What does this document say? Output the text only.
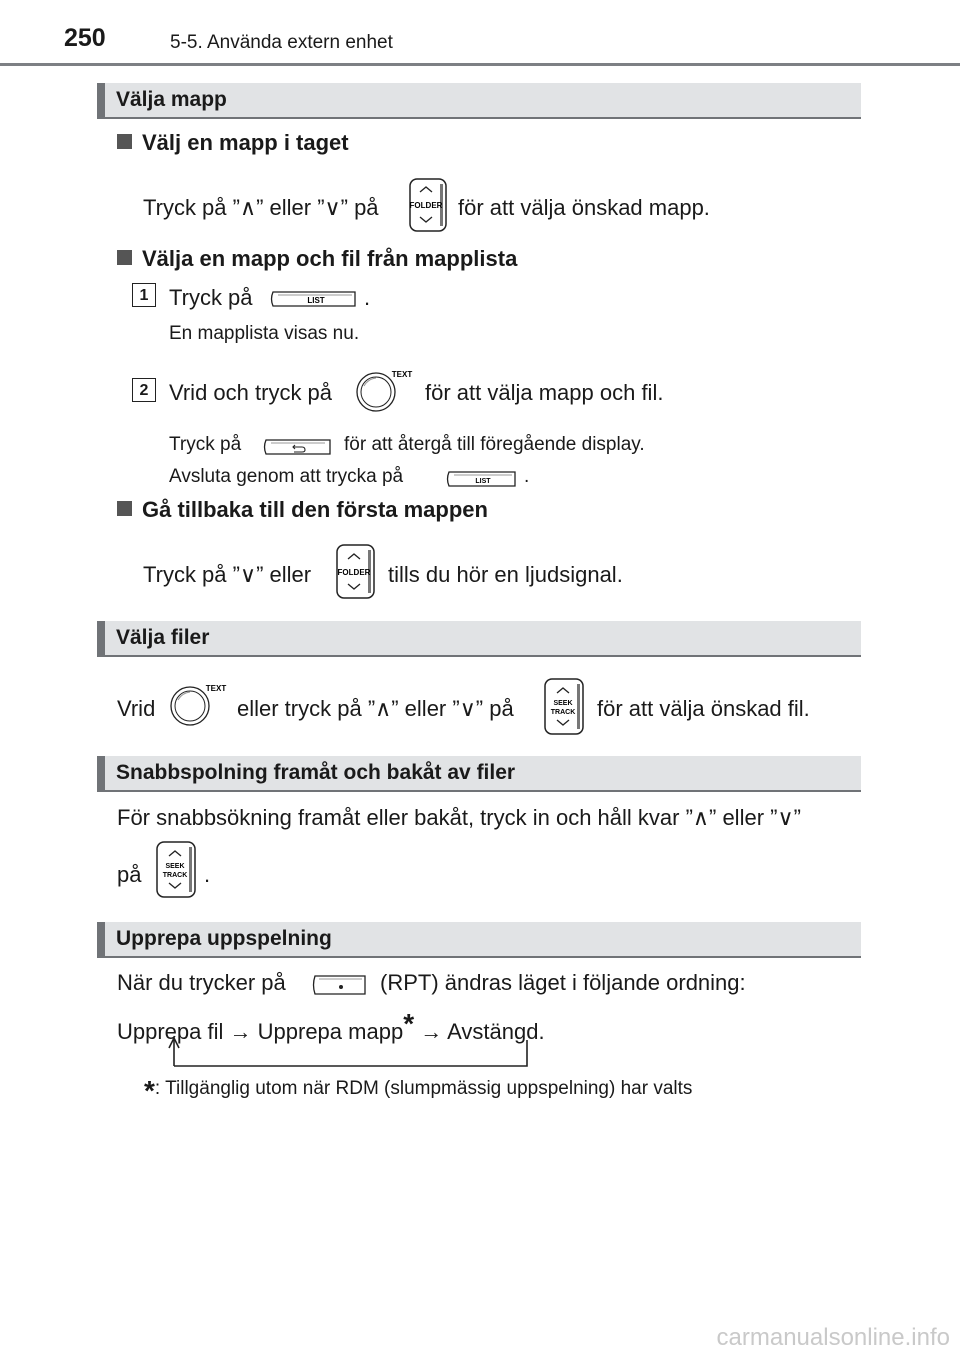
250	5-5. Använda extern enhet
Välja mapp
Välj en mapp i taget
Tryck på ”∧” eller ”∨” på	FOLDER för att välja önskad mapp.
Välja en mapp och fil från mapplista
1 Tryck på	LIST .
En mapplista visas nu.
2 Vrid och tryck på
TEXT
för att välja mapp och fil.
Tryck på	för att återgå till föregående display.
Avsluta genom att trycka på	LIST .
Gå tillbaka till den första mappen
Tryck på ”∨” eller	FOLDER tills du hör en ljudsignal.
Välja filer
Vrid
TEXT
eller tryck på ”∧” eller ”∨” på	SEEK
TRACK för att välja önskad fil.
Snabbspolning framåt och bakåt av filer
För snabbsökning framåt eller bakåt, tryck in och håll kvar ”∧” eller ”∨”
på	SEEK
TRACK .
Upprepa uppspelning
När du trycker på	(RPT) ändras läget i följande ordning:
Upprepa fil → Upprepa mapp* → Avstängd.
*: Tillgänglig utom när RDM (slumpmässig uppspelning) har valts
carmanualsonline.info
